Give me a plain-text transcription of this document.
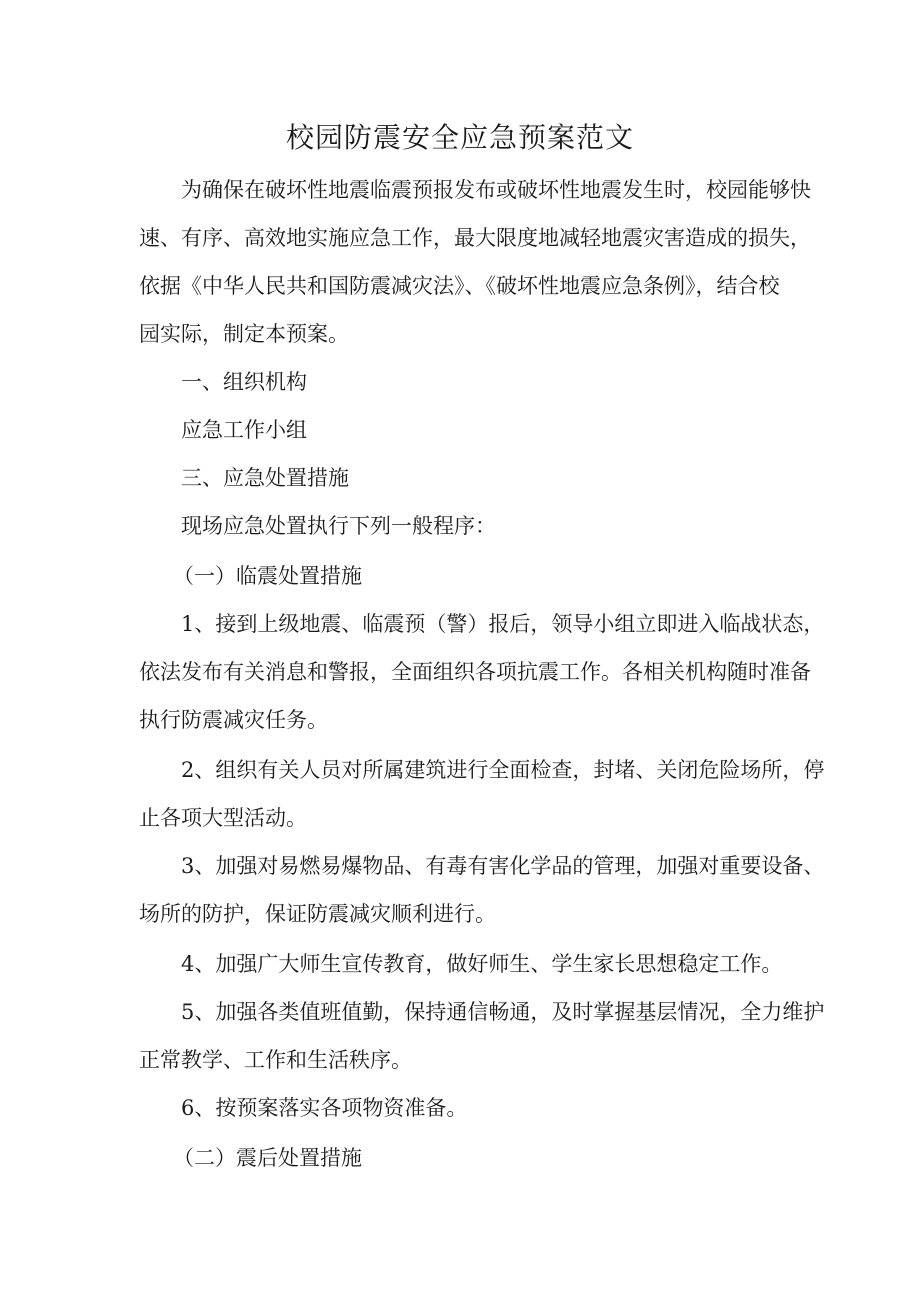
校园防震安全应急预案范文
为确保在破坏性地震临震预报发布或破坏性地震发生时，校园能够快
速、有序、高效地实施应急工作，最大限度地减轻地震灾害造成的损失，
依据《中华人民共和国防震减灾法》、《破坏性地震应急条例》，结合校
园实际，制定本预案。
一、组织机构
应急工作小组
三、应急处置措施
现场应急处置执行下列一般程序：
（一）临震处置措施
1、接到上级地震、临震预（警）报后，领导小组立即进入临战状态，
依法发布有关消息和警报，全面组织各项抗震工作。各相关机构随时准备
执行防震减灾任务。
2、组织有关人员对所属建筑进行全面检查，封堵、关闭危险场所，停
止各项大型活动。
3、加强对易燃易爆物品、有毒有害化学品的管理，加强对重要设备、
场所的防护，保证防震减灾顺利进行。
4、加强广大师生宣传教育，做好师生、学生家长思想稳定工作。
5、加强各类值班值勤，保持通信畅通，及时掌握基层情况，全力维护
正常教学、工作和生活秩序。
6、按预案落实各项物资准备。
（二）震后处置措施
